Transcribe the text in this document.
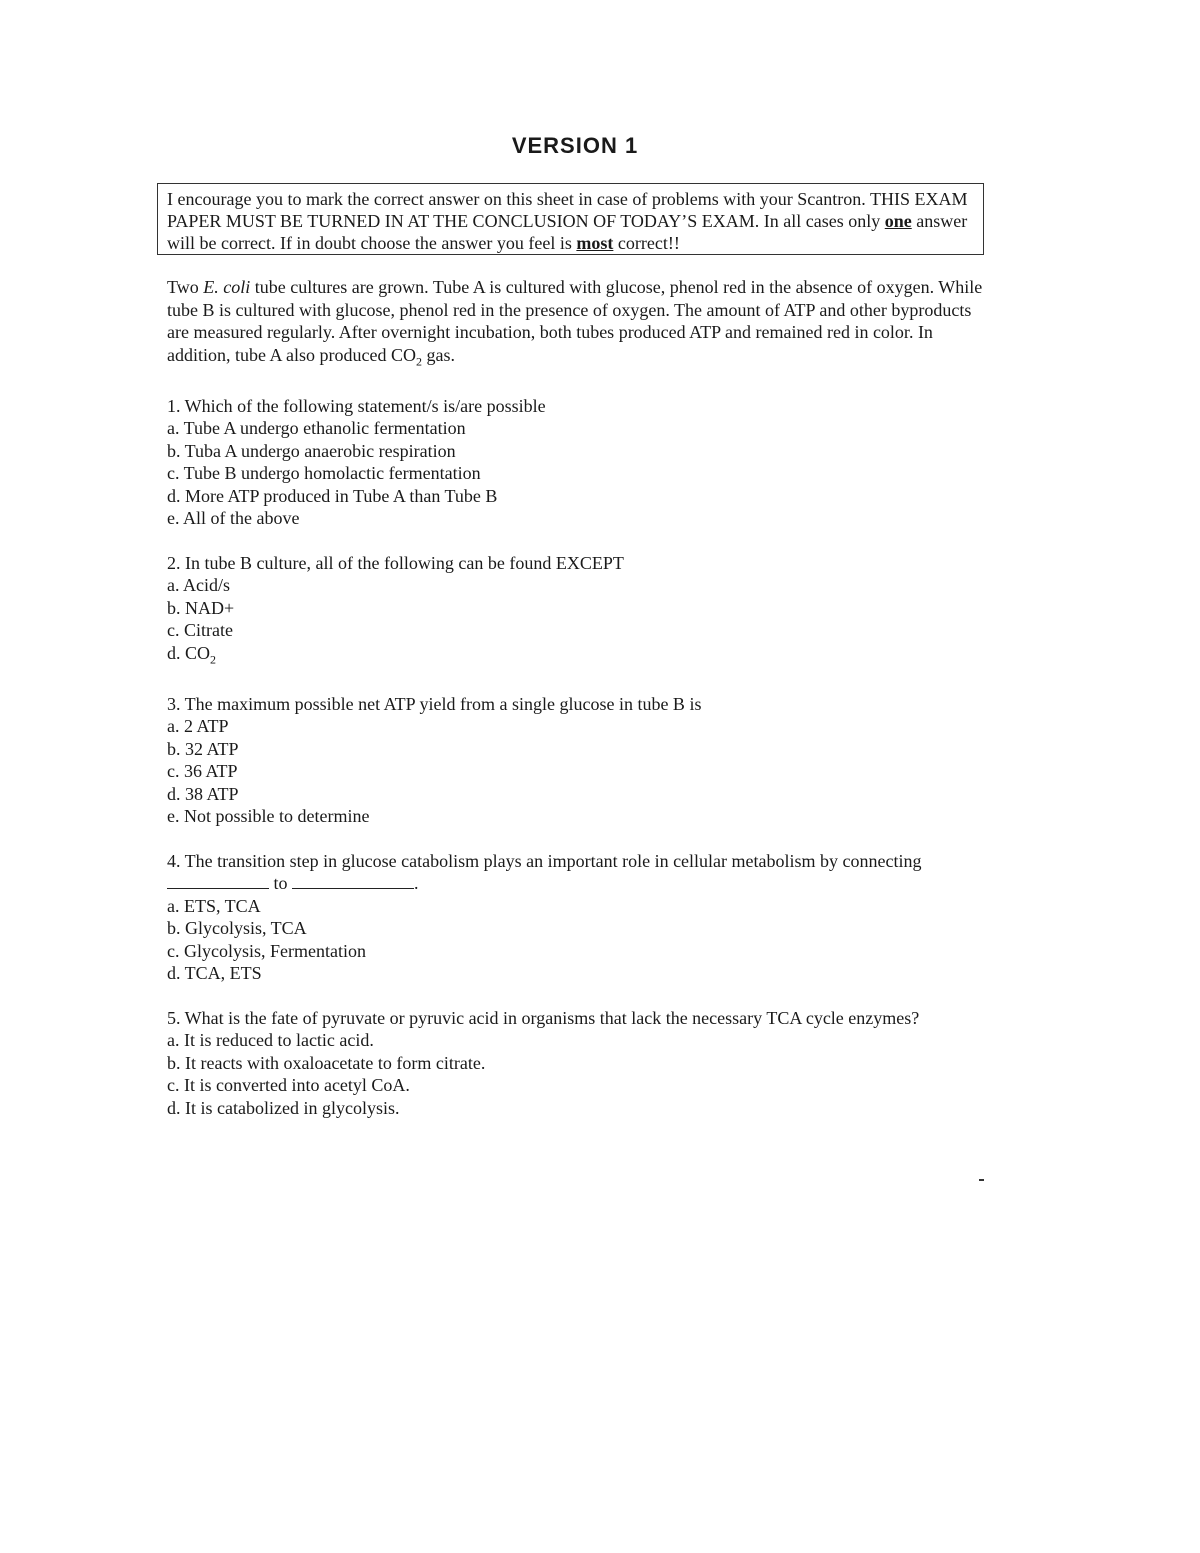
VERSION 1
I encourage you to mark the correct answer on this sheet in case of problems with your Scantron. THIS EXAM PAPER MUST BE TURNED IN AT THE CONCLUSION OF TODAY’S EXAM. In all cases only one answer will be correct. If in doubt choose the answer you feel is most correct!!

Two E. coli tube cultures are grown. Tube A is cultured with glucose, phenol red in the absence of oxygen. While tube B is cultured with glucose, phenol red in the presence of oxygen. The amount of ATP and other byproducts are measured regularly. After overnight incubation, both tubes produced ATP and remained red in color. In addition, tube A also produced $CO_2$ gas.

1. Which of the following statement/s is/are possible

a. Tube A undergo ethanolic fermentation

b. Tuba A undergo anaerobic respiration

c. Tube B undergo homolactic fermentation

d. More ATP produced in Tube A than Tube B

e. All of the above

2. In tube B culture, all of the following can be found EXCEPT

a. Acid/s

b. NAD+

c. Citrate

d. $CO_2$

3. The maximum possible net ATP yield from a single glucose in tube B is

a. 2 ATP

b. 32 ATP

c. 36 ATP

d. 38 ATP

e. Not possible to determine

4. The transition step in glucose catabolism plays an important role in cellular metabolism by connecting

to	.

a. ETS, TCA

b. Glycolysis, TCA

c. Glycolysis, Fermentation

d. TCA, ETS

5. What is the fate of pyruvate or pyruvic acid in organisms that lack the necessary TCA cycle enzymes?

a. It is reduced to lactic acid.

b. It reacts with oxaloacetate to form citrate.

c. It is converted into acetyl CoA.

d. It is catabolized in glycolysis.
